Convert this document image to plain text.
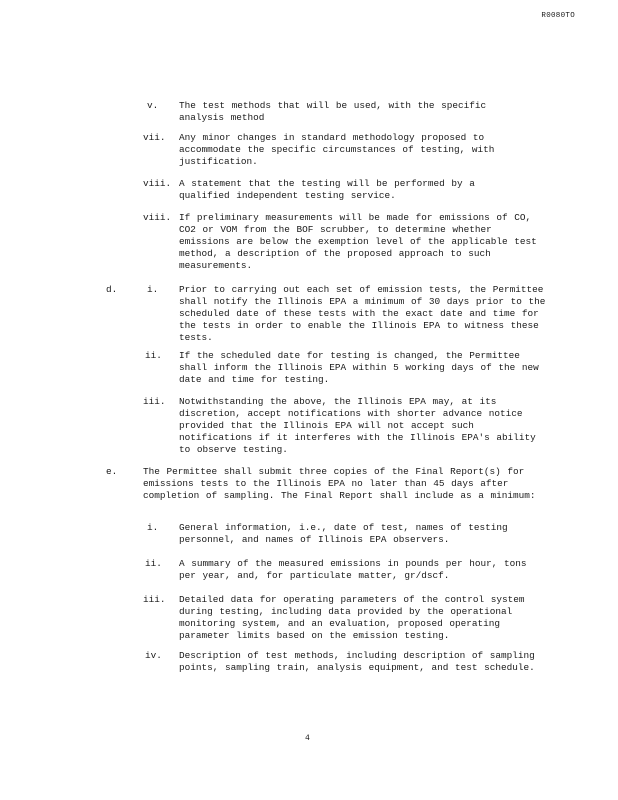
R0080TO
v. The test methods that will be used, with the specific analysis method
vii. Any minor changes in standard methodology proposed to accommodate the specific circumstances of testing, with justification.
viii. A statement that the testing will be performed by a qualified independent testing service.
viii. If preliminary measurements will be made for emissions of CO, CO2 or VOM from the BOF scrubber, to determine whether emissions are below the exemption level of the applicable test method, a description of the proposed approach to such measurements.
d.	i. Prior to carrying out each set of emission tests, the Permittee shall notify the Illinois EPA a minimum of 30 days prior to the scheduled date of these tests with the exact date and time for the tests in order to enable the Illinois EPA to witness these tests.
ii. If the scheduled date for testing is changed, the Permittee shall inform the Illinois EPA within 5 working days of the new date and time for testing.
iii. Notwithstanding the above, the Illinois EPA may, at its discretion, accept notifications with shorter advance notice provided that the Illinois EPA will not accept such notifications if it interferes with the Illinois EPA's ability to observe testing.
e.	The Permittee shall submit three copies of the Final Report(s) for emissions tests to the Illinois EPA no later than 45 days after completion of sampling. The Final Report shall include as a minimum:
i. General information, i.e., date of test, names of testing personnel, and names of Illinois EPA observers.
ii. A summary of the measured emissions in pounds per hour, tons per year, and, for particulate matter, gr/dscf.
iii. Detailed data for operating parameters of the control system during testing, including data provided by the operational monitoring system, and an evaluation, proposed operating parameter limits based on the emission testing.
iv. Description of test methods, including description of sampling points, sampling train, analysis equipment, and test schedule.
4
